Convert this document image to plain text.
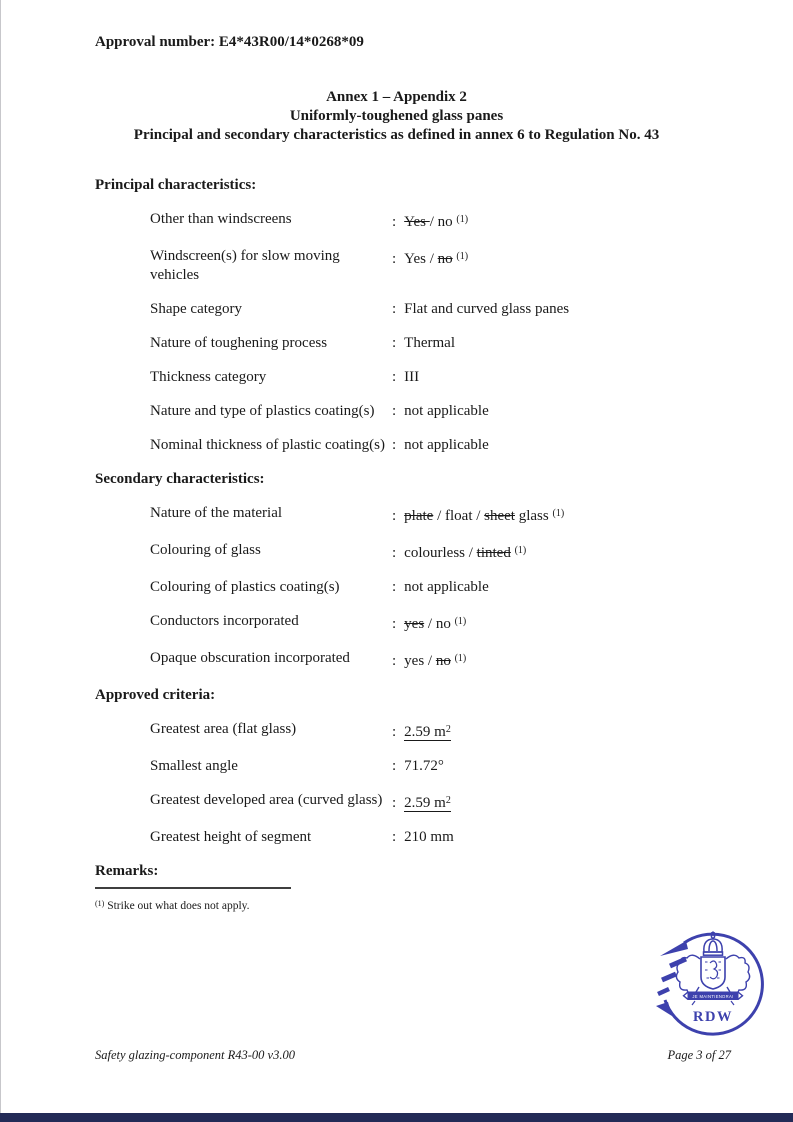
Approval number: E4*43R00/14*0268*09
Annex 1 – Appendix 2
Uniformly-toughened glass panes
Principal and secondary characteristics as defined in annex 6 to Regulation No. 43
Principal characteristics:
Other than windscreens	: Yes / no $^{(1)}$
Windscreen(s) for slow moving
vehicles
: Yes / no $^{(1)}$
Shape category	: Flat and curved glass panes
Nature of toughening process	: Thermal
Thickness category	: III
Nature and type of plastics coating(s)	: not applicable
Nominal thickness of plastic coating(s) : not applicable
Secondary characteristics:
Nature of the material	: plate / float / sheet glass $^{(1)}$
Colouring of glass	: colourless / tinted $^{(1)}$
Colouring of plastics coating(s)	: not applicable
Conductors incorporated	: yes / no $^{(1)}$
Opaque obscuration incorporated	: yes / no $^{(1)}$
Approved criteria:
Greatest area (flat glass)	: 2.59 $m^2$
Smallest angle	: 71.72°
Greatest developed area (curved glass) : 2.59 $m^2$
Greatest height of segment	: 210 mm
Remarks:
$^{(1)}$ Strike out what does not apply.
JE MAINTIENDRAI
RDW
Safety glazing-component R43-00 v3.00	Page 3 of 27
